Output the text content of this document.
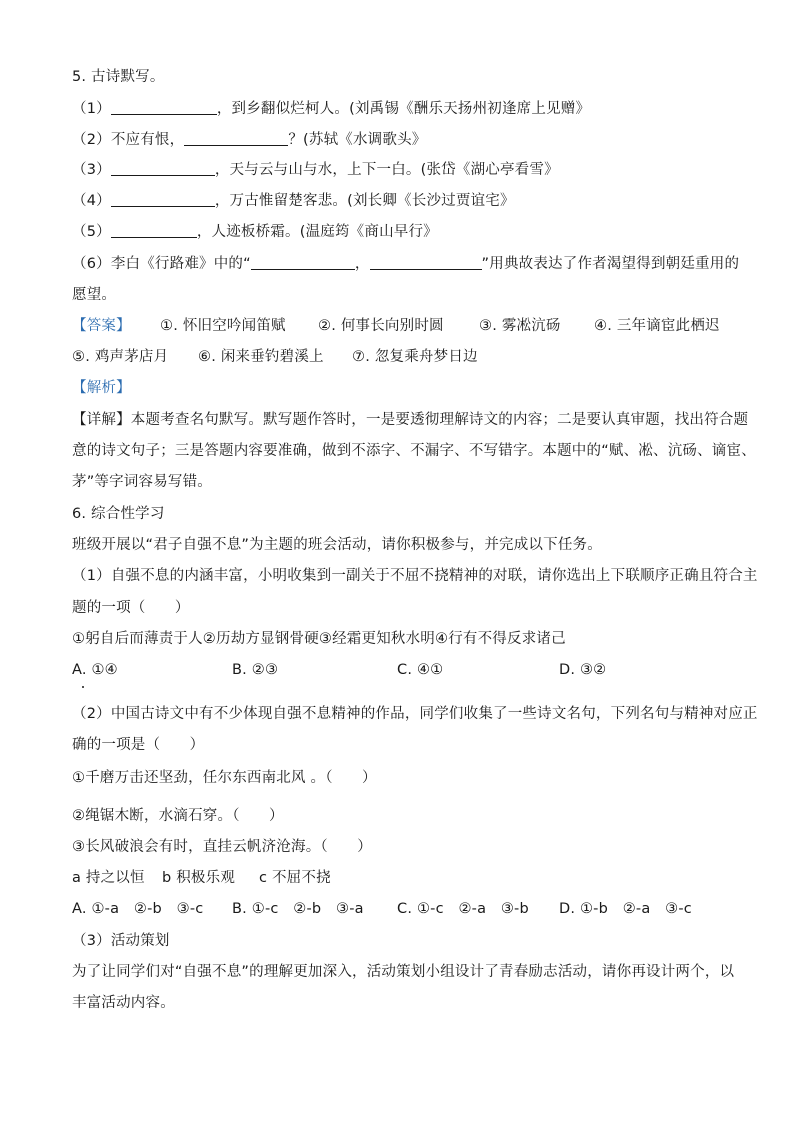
5. 古诗默写。
（1）	，到乡翻似烂柯人。(刘禹锡《酬乐天扬州初逢席上见赠》
（2）不应有恨，	？(苏轼《水调歌头》
（3）	，天与云与山与水，上下一白。(张岱《湖心亭看雪》
（4）	，万古惟留楚客悲。(刘长卿《长沙过贾谊宅》
（5）	，人迹板桥霜。(温庭筠《商山早行》
（6）李白《行路难》中的“	，	”用典故表达了作者渴望得到朝廷重用的
愿望。
【答案】 ①. 怀旧空吟闻笛赋 ②. 何事长向别时圆 ③. 雾凇沆砀 ④. 三年谪宦此栖迟
⑤. 鸡声茅店月 ⑥. 闲来垂钓碧溪上 ⑦. 忽复乘舟梦日边
【解析】
【详解】本题考查名句默写。默写题作答时，一是要透彻理解诗文的内容；二是要认真审题，找出符合题
意的诗文句子；三是答题内容要准确，做到不添字、不漏字、不写错字。本题中的“赋、凇、沆砀、谪宦、
茅”等字词容易写错。
6. 综合性学习
班级开展以“君子自强不息”为主题的班会活动，请你积极参与，并完成以下任务。
（1）自强不息的内涵丰富，小明收集到一副关于不屈不挠精神的对联，请你选出上下联顺序正确且符合主
题的一项（　　）
①躬自后而薄责于人②历劫方显钢骨硬③经霜更知秋水明④行有不得反求诸己
A. ①④	B. ②③	C. ④①	D. ③②
（2）中国古诗文中有不少体现自强不息精神的作品，同学们收集了一些诗文名句，下列名句与精神对应正
确的一项是（　　）
①千磨万击还坚劲，任尔东西南北风 。（　　）
②绳锯木断，水滴石穿。（　　）
③长风破浪会有时，直挂云帆济沧海。（　　）
a 持之以恒 b 积极乐观 c 不屈不挠
A. ①-a　②-b　③-c B. ①-c　②-b　③-a C. ①-c　②-a　③-b D. ①-b　②-a　③-c
（3）活动策划
为了让同学们对“自强不息”的理解更加深入，活动策划小组设计了青春励志活动，请你再设计两个，以
丰富活动内容。
